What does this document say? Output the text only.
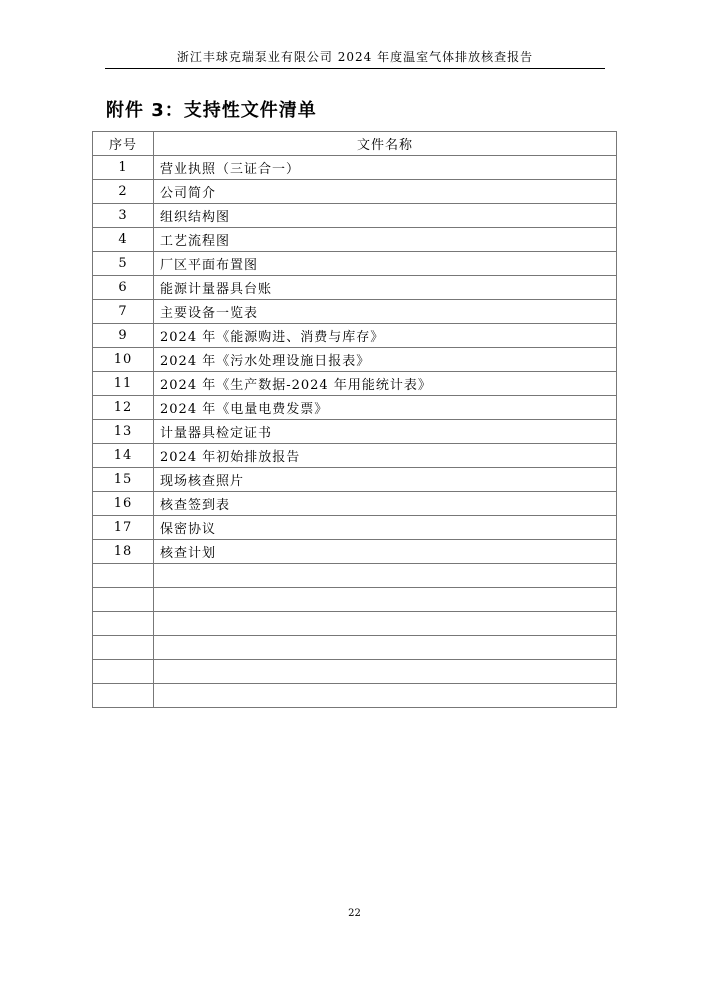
浙江丰球克瑞泵业有限公司 2024 年度温室气体排放核查报告
附件 3：支持性文件清单
序号	文件名称
1	营业执照（三证合一）
2	公司简介
3	组织结构图
4	工艺流程图
5	厂区平面布置图
6	能源计量器具台账
7	主要设备一览表
9	2024 年《能源购进、消费与库存》
10	2024 年《污水处理设施日报表》
11	2024 年《生产数据-2024 年用能统计表》
12	2024 年《电量电费发票》
13	计量器具检定证书
14	2024 年初始排放报告
15	现场核查照片
16	核查签到表
17	保密协议
18	核查计划

22
